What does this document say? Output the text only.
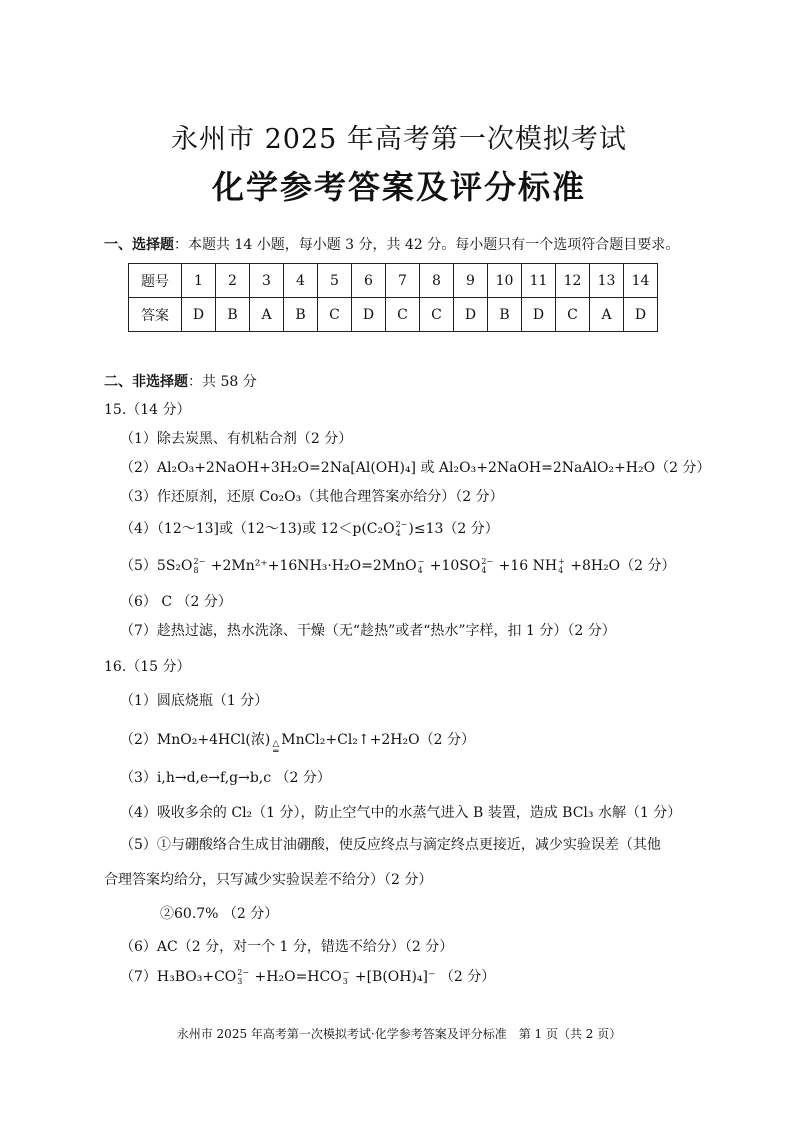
永州市 2025 年高考第一次模拟考试
化学参考答案及评分标准
一、选择题：本题共 14 小题，每小题 3 分，共 42 分。每小题只有一个选项符合题目要求。
题号	1	2	3	4	5	6	7	8	9	10	11	12	13	14
答案	D	B	A	B	C	D	C	C	D	B	D	C	A	D
二、非选择题：共 58 分
15.（14 分）
（1）除去炭黑、有机粘合剂（2 分）
（2）Al₂O₃+2NaOH+3H₂O=2Na[Al(OH)₄] 或 Al₂O₃+2NaOH=2NaAlO₂+H₂O（2 分）
（3）作还原剂，还原 Co₂O₃（其他合理答案亦给分）（2 分）
（4）（12～13]或（12～13)或 12＜p(C₂O 2−
4 )≤13（2 分）
（5）5S₂O 2−
8 +2Mn²⁺+16NH₃·H₂O=2MnO −
4 +10SO 2−
4 +16 NH +
4 +8H₂O（2 分）
（6） C （2 分）
（7）趁热过滤，热水洗涤、干燥（无“趁热”或者“热水”字样，扣 1 分）（2 分）
16.（15 分）
（1）圆底烧瓶（1 分）
（2）MnO₂+4HCl(浓) △
═
MnCl₂+Cl₂↑+2H₂O（2 分）
（3）i,h→d,e→f,g→b,c （2 分）
（4）吸收多余的 Cl₂（1 分），防止空气中的水蒸气进入 B 装置，造成 BCl₃ 水解（1 分）
（5）①与硼酸络合生成甘油硼酸，使反应终点与滴定终点更接近，减少实验误差（其他
合理答案均给分，只写减少实验误差不给分）（2 分）
②60.7% （2 分）
（6）AC（2 分，对一个 1 分，错选不给分）（2 分）
（7）H₃BO₃+CO 2−
3 +H₂O=HCO −
3 +[B(OH)₄]⁻ （2 分）
永州市 2025 年高考第一次模拟考试·化学参考答案及评分标准　第 1 页（共 2 页）
